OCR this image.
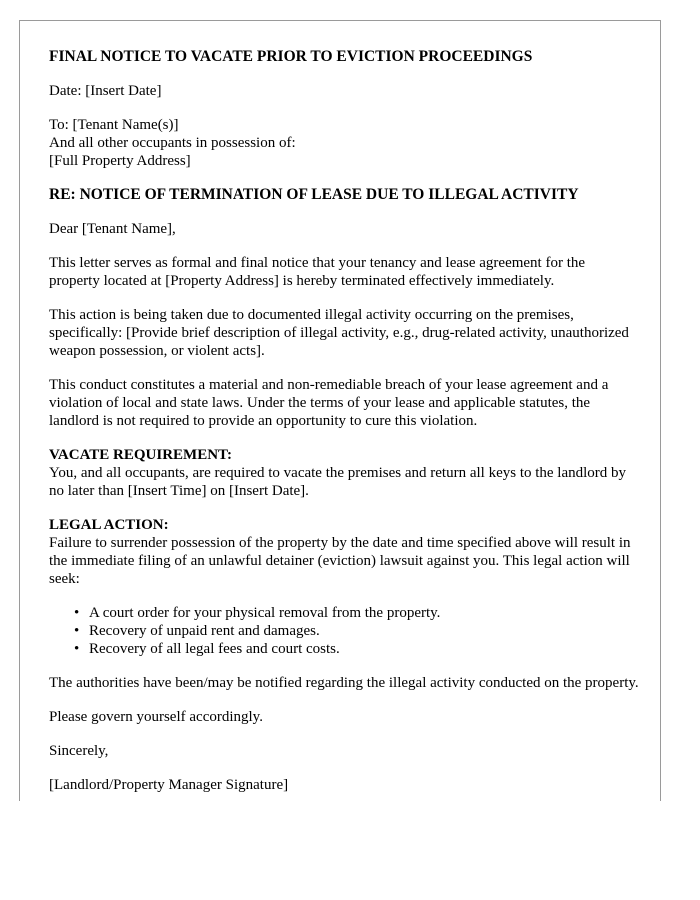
FINAL NOTICE TO VACATE PRIOR TO EVICTION PROCEEDINGS

Date: [Insert Date]

To: [Tenant Name(s)]

And all other occupants in possession of:

[Full Property Address]

RE: NOTICE OF TERMINATION OF LEASE DUE TO ILLEGAL ACTIVITY

Dear [Tenant Name],

This letter serves as formal and final notice that your tenancy and lease agreement for the property located at [Property Address] is hereby terminated effectively immediately.

This action is being taken due to documented illegal activity occurring on the premises, specifically: [Provide brief description of illegal activity, e.g., drug-related activity, unauthorized weapon possession, or violent acts].

This conduct constitutes a material and non-remediable breach of your lease agreement and a violation of local and state laws. Under the terms of your lease and applicable statutes, the landlord is not required to provide an opportunity to cure this violation.

VACATE REQUIREMENT:

You, and all occupants, are required to vacate the premises and return all keys to the landlord by no later than [Insert Time] on [Insert Date].

LEGAL ACTION:

Failure to surrender possession of the property by the date and time specified above will result in the immediate filing of an unlawful detainer (eviction) lawsuit against you. This legal action will seek:

• A court order for your physical removal from the property.
• Recovery of unpaid rent and damages.
• Recovery of all legal fees and court costs.

The authorities have been/may be notified regarding the illegal activity conducted on the property.

Please govern yourself accordingly.

Sincerely,

[Landlord/Property Manager Signature]
